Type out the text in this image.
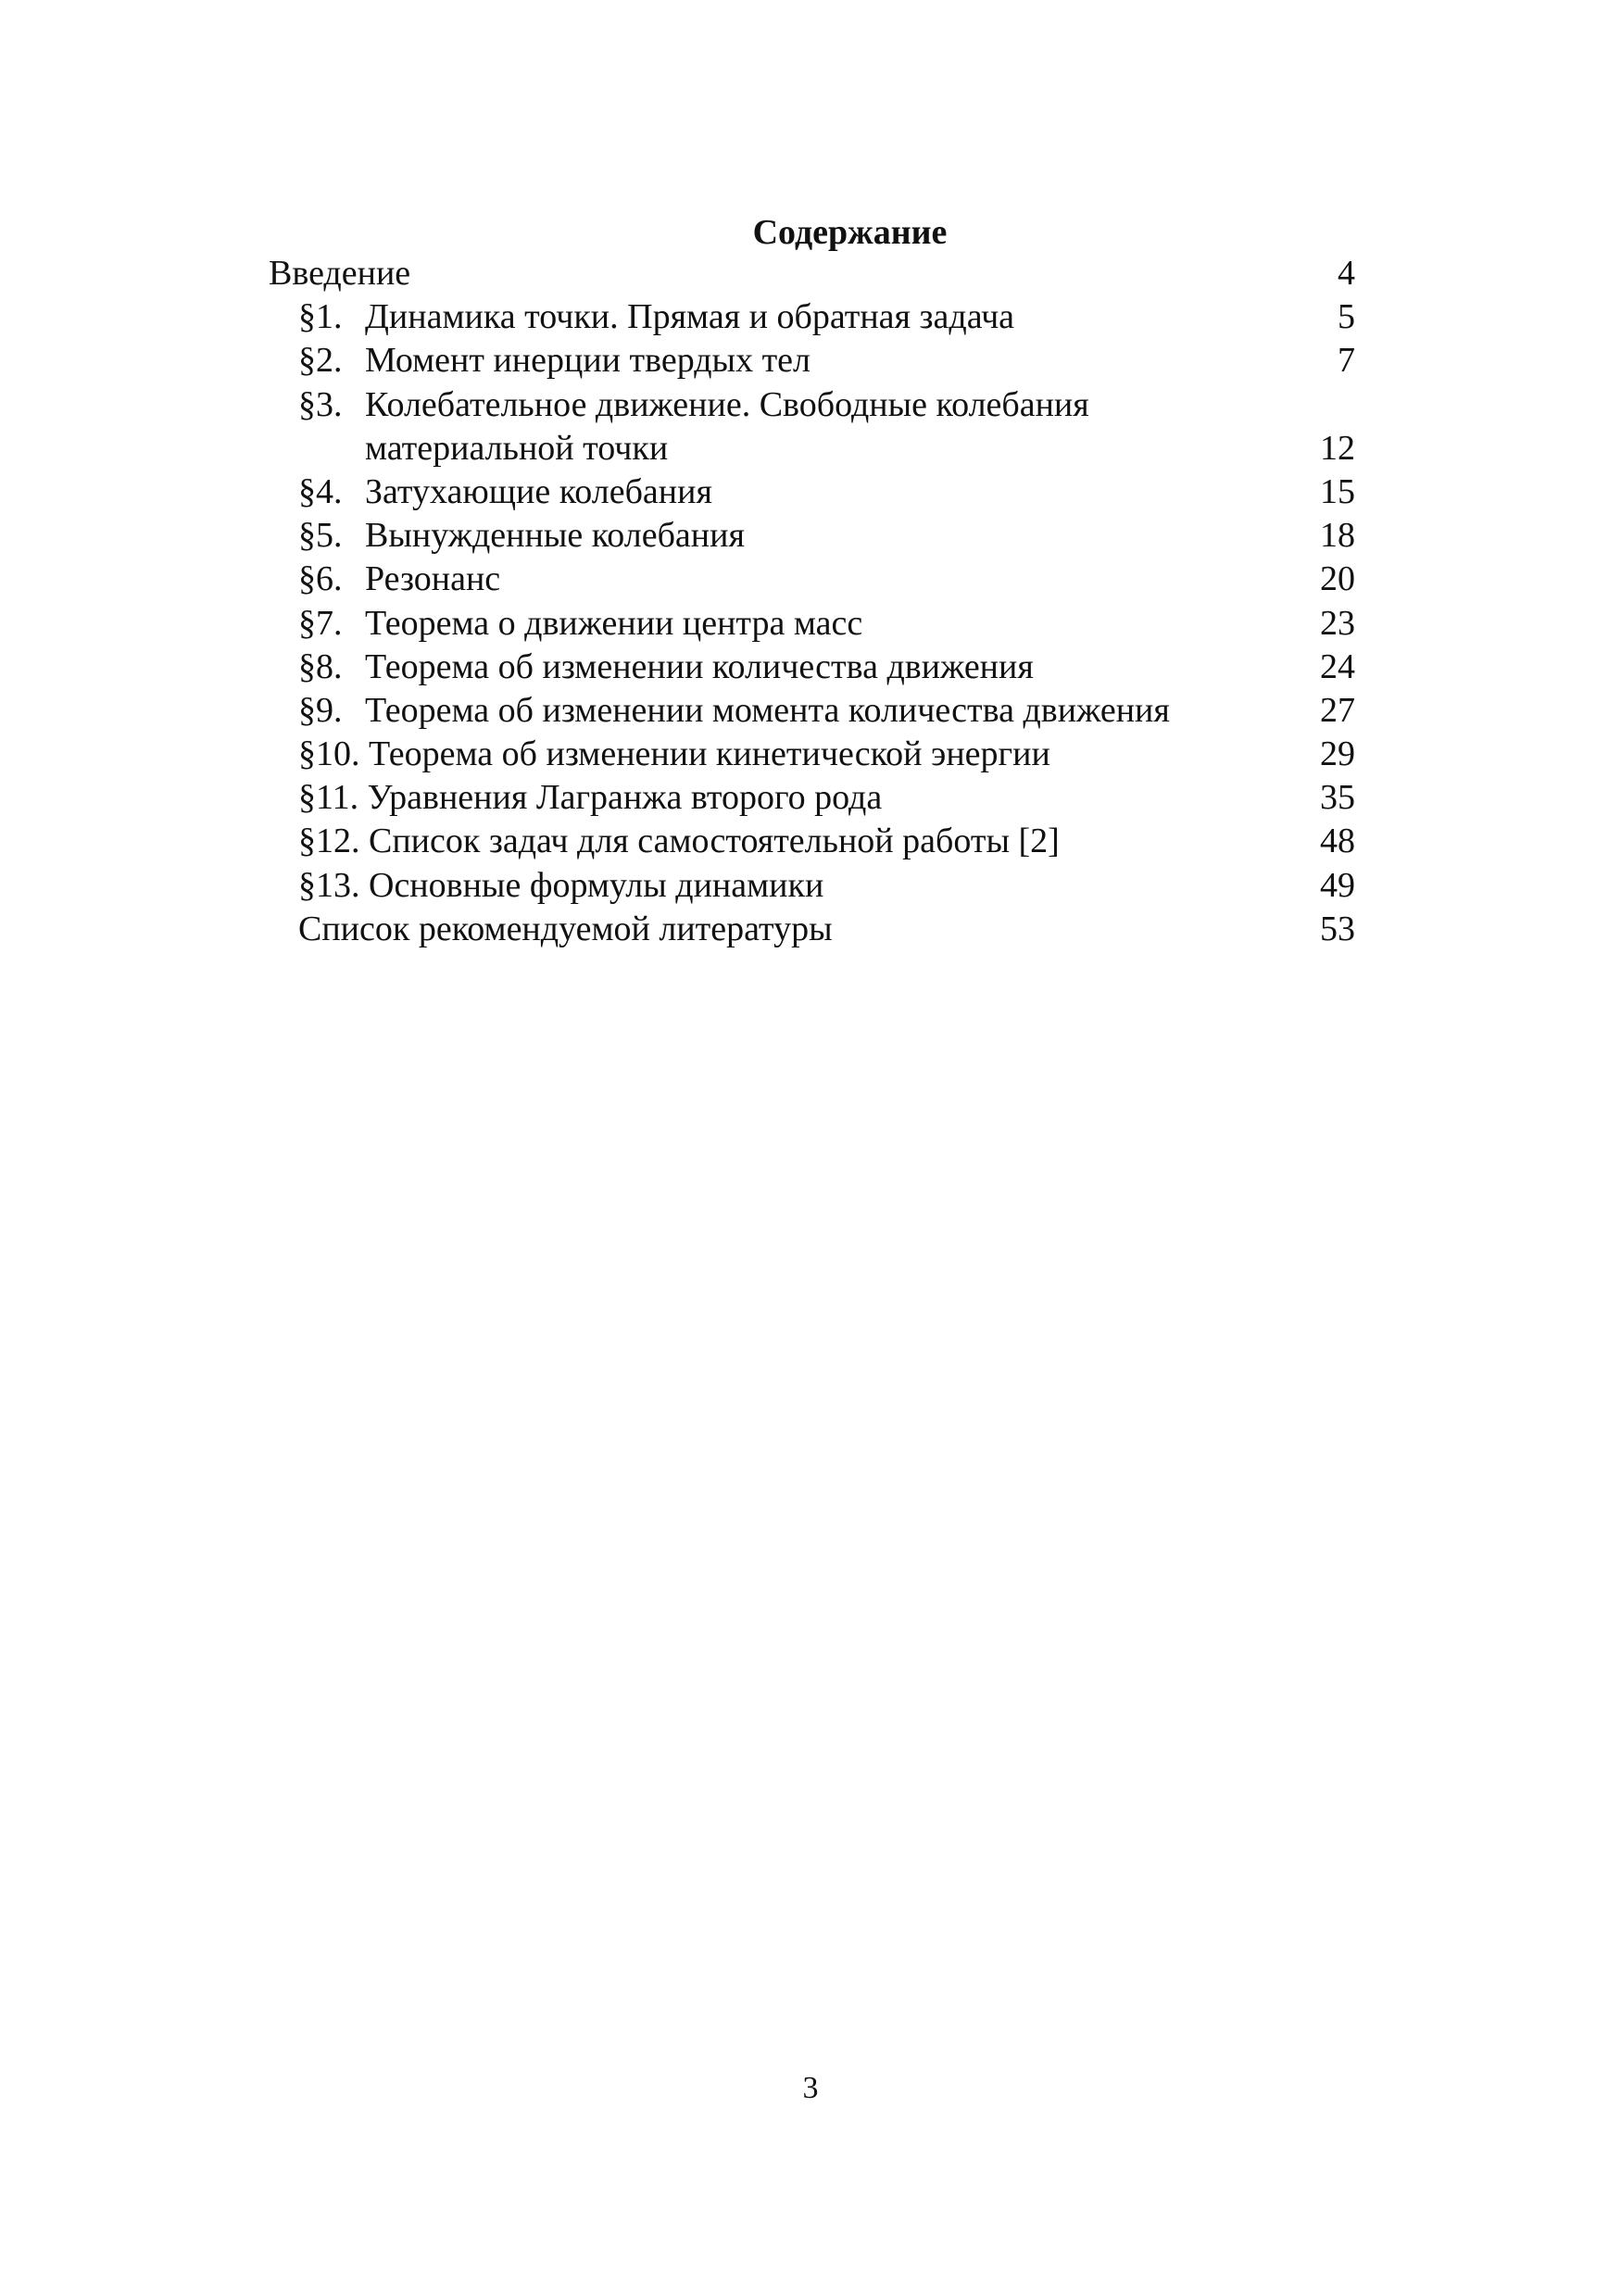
Содержание
Введение	4
§1. Динамика точки. Прямая и обратная задача	5
§2. Момент инерции твердых тел	7
§3. Колебательное движение. Свободные колебания
материальной точки	12
§4. Затухающие колебания	15
§5. Вынужденные колебания	18
§6. Резонанс	20
§7. Теорема о движении центра масс	23
§8. Теорема об изменении количества движения	24
§9. Теорема об изменении момента количества движения	27
§10. Теорема об изменении кинетической энергии	29
§11. Уравнения Лагранжа второго рода	35
§12. Список задач для самостоятельной работы [2]	48
§13. Основные формулы динамики	49
Список рекомендуемой литературы	53
3
